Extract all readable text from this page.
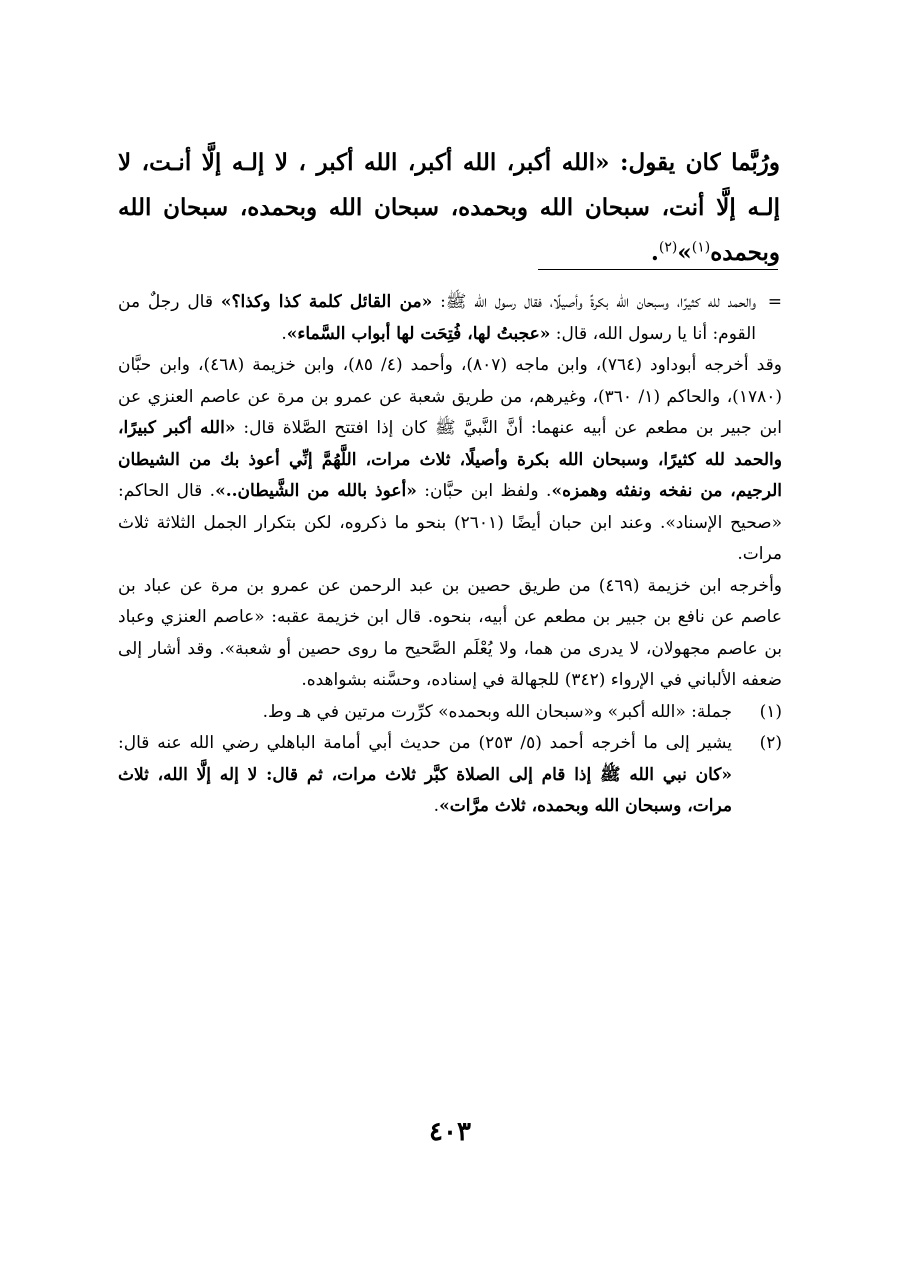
ورُبَّما كان يقول: «الله أكبر، الله أكبر، الله أكبر ، لا إلـه إلَّا أنـت، لا إلـه إلَّا أنت، سبحان الله وبحمده، سبحان الله وبحمده، سبحان الله وبحمده$^{(١)}$»$^{(٢)}$.

=
والحمد لله كثيرًا، وسبحان الله بكرةً وأصيلًا، فقال رسول الله ﷺ: «من القائل كلمة كذا وكذا؟» قال رجلٌ من القوم: أنا يا رسول الله، قال: «عجبتُ لها، فُتِحَت لها أبواب السَّماء».

وقد أخرجه أبوداود (٧٦٤)، وابن ماجه (٨٠٧)، وأحمد (٤/ ٨٥)، وابن خزيمة (٤٦٨)، وابن حبَّان (١٧٨٠)، والحاكم (١/ ٣٦٠)، وغيرهم، من طريق شعبة عن عمرو بن مرة عن عاصم العنزي عن ابن جبير بن مطعم عن أبيه عنهما: أنَّ النَّبيَّ ﷺ كان إذا افتتح الصَّلاة قال: «الله أكبر كبيرًا، والحمد لله كثيرًا، وسبحان الله بكرة وأصيلًا، ثلاث مرات، اللَّهُمَّ إنِّي أعوذ بك من الشيطان الرجيم، من نفخه ونفثه وهمزه». ولفظ ابن حبَّان: «أعوذ بالله من الشَّيطان..». قال الحاكم: «صحيح الإسناد». وعند ابن حبان أيضًا (٢٦٠١) بنحو ما ذكروه، لكن بتكرار الجمل الثلاثة ثلاث مرات.

وأخرجه ابن خزيمة (٤٦٩) من طريق حصين بن عبد الرحمن عن عمرو بن مرة عن عباد بن عاصم عن نافع بن جبير بن مطعم عن أبيه، بنحوه. قال ابن خزيمة عقبه: «عاصم العنزي وعباد بن عاصم مجهولان، لا يدرى من هما، ولا يُعْلَم الصَّحيح ما روى حصين أو شعبة». وقد أشار إلى ضعفه الألباني في الإرواء (٣٤٢) للجهالة في إسناده، وحسَّنه بشواهده.

(١)
جملة: «الله أكبر» و«سبحان الله وبحمده» كرِّرت مرتين في هـ وط.
(٢)
يشير إلى ما أخرجه أحمد (٥/ ٢٥٣) من حديث أبي أمامة الباهلي رضي الله عنه قال: «كان نبي الله ﷺ إذا قام إلى الصلاة كبَّر ثلاث مرات، ثم قال: لا إله إلَّا الله، ثلاث مرات، وسبحان الله وبحمده، ثلاث مرَّات».
٤٠٣
